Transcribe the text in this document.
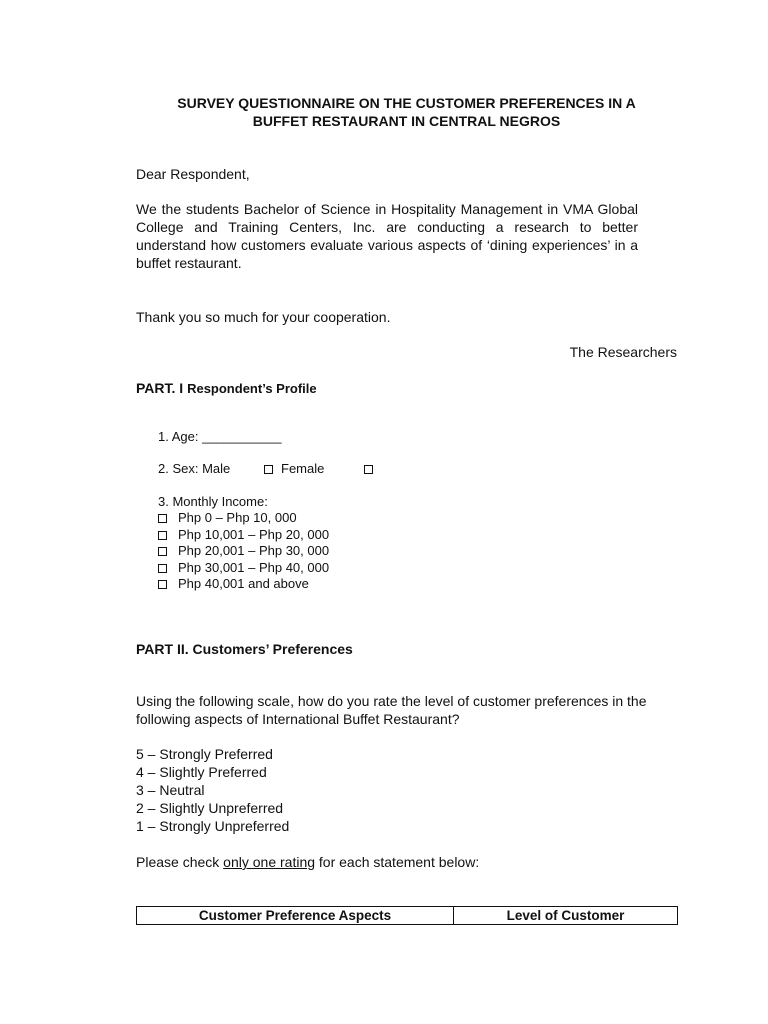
SURVEY QUESTIONNAIRE ON THE CUSTOMER PREFERENCES IN A
BUFFET RESTAURANT IN CENTRAL NEGROS
Dear Respondent,
We the students Bachelor of Science in Hospitality Management in VMA Global College and Training Centers, Inc. are conducting a research to better understand how customers evaluate various aspects of ‘dining experiences’ in a buffet restaurant.
Thank you so much for your cooperation.
The Researchers
PART. I Respondent’s Profile
1. Age: ___________
2. Sex: Male	Female
3. Monthly Income:
Php 0 – Php 10, 000
Php 10,001 – Php 20, 000
Php 20,001 – Php 30, 000
Php 30,001 – Php 40, 000
Php 40,001 and above
PART II. Customers’ Preferences
Using the following scale, how do you rate the level of customer preferences in the following aspects of International Buffet Restaurant?
5 – Strongly Preferred
4 – Slightly Preferred
3 – Neutral
2 – Slightly Unpreferred
1 – Strongly Unpreferred
Please check only one rating for each statement below:
Customer Preference Aspects	Level of Customer
